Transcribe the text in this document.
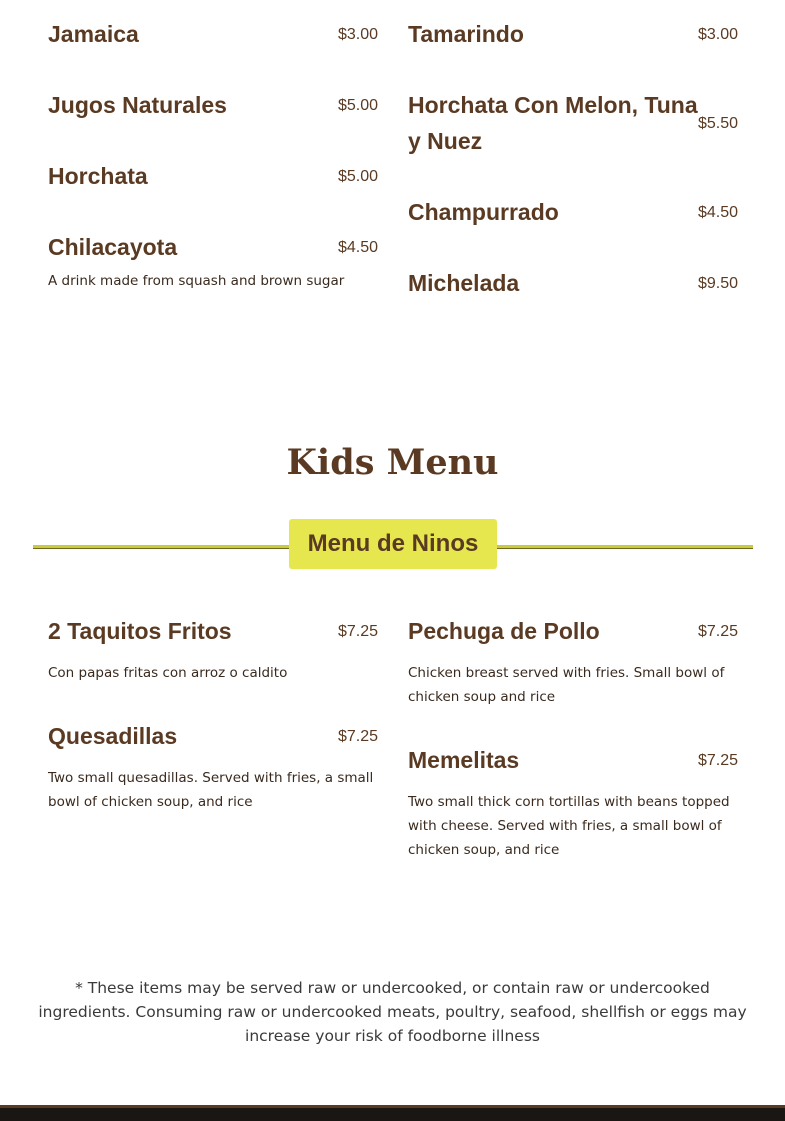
Jamaica	$3.00
Jugos Naturales	$5.00
Horchata	$5.00
Chilacayota	$4.50
A drink made from squash and brown sugar
Tamarindo	$3.00
Horchata Con Melon, Tuna y Nuez
$5.50
Champurrado	$4.50
Michelada	$9.50
Kids Menu
Menu de Ninos
2 Taquitos Fritos	$7.25
Con papas fritas con arroz o caldito
Quesadillas	$7.25
Two small quesadillas. Served with fries, a small bowl of chicken soup, and rice
Pechuga de Pollo	$7.25
Chicken breast served with fries. Small bowl of chicken soup and rice
Memelitas	$7.25
Two small thick corn tortillas with beans topped with cheese. Served with fries, a small bowl of chicken soup, and rice
* These items may be served raw or undercooked, or contain raw or undercooked ingredients. Consuming raw or undercooked meats, poultry, seafood, shellfish or eggs may increase your risk of foodborne illness
